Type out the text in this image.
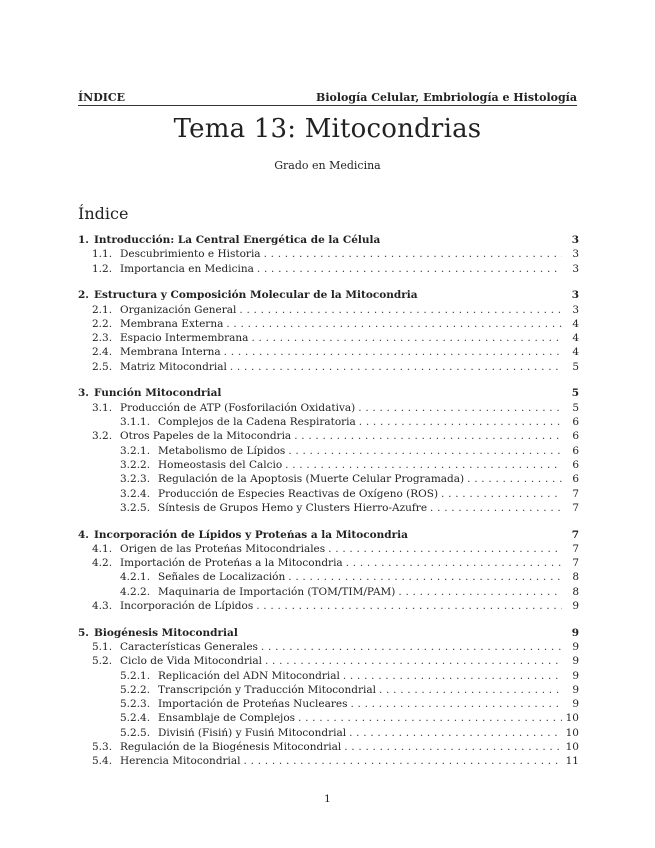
ÍNDICE	Biología Celular, Embriología e Histología
Tema 13: Mitocondrias
Grado en Medicina
Índice
1. Introducción: La Central Energética de la Célula	3
1.1. Descubrimiento e Historia . . .	3
1.2. Importancia en Medicina . . .	3
2. Estructura y Composición Molecular de la Mitocondria	3
2.1. Organización General . . .	3
2.2. Membrana Externa . . .	4
2.3. Espacio Intermembrana . . .	4
2.4. Membrana Interna . . .	4
2.5. Matriz Mitocondrial . . .	5
3. Función Mitocondrial	5
3.1. Producción de ATP (Fosforilación Oxidativa) . . .	5
3.1.1. Complejos de la Cadena Respiratoria . . .	6
3.2. Otros Papeles de la Mitocondria . . .	6
3.2.1. Metabolismo de Lípidos . . .	6
3.2.2. Homeostasis del Calcio . . .	6
3.2.3. Regulación de la Apoptosis (Muerte Celular Programada) . . .	6
3.2.4. Producción de Especies Reactivas de Oxígeno (ROS) . . .	7
3.2.5. Síntesis de Grupos Hemo y Clusters Hierro-Azufre . . .	7
4. Incorporación de Lípidos y Proteńas a la Mitocondria	7
4.1. Origen de las Proteńas Mitocondriales . . .	7
4.2. Importación de Proteńas a la Mitocondria . . .	7
4.2.1. Señales de Localización . . .	8
4.2.2. Maquinaria de Importación (TOM/TIM/PAM) . . .	8
4.3. Incorporación de Lípidos . . .	9
5. Biogénesis Mitocondrial	9
5.1. Características Generales . . .	9
5.2. Ciclo de Vida Mitocondrial . . .	9
5.2.1. Replicación del ADN Mitocondrial . . .	9
5.2.2. Transcripción y Traducción Mitocondrial . . .	9
5.2.3. Importación de Proteńas Nucleares . . .	9
5.2.4. Ensamblaje de Complejos . . .	10
5.2.5. Divisiń (Fisiń) y Fusiń Mitocondrial . . .	10
5.3. Regulación de la Biogénesis Mitocondrial . . .	10
5.4. Herencia Mitocondrial . . .	11
1
